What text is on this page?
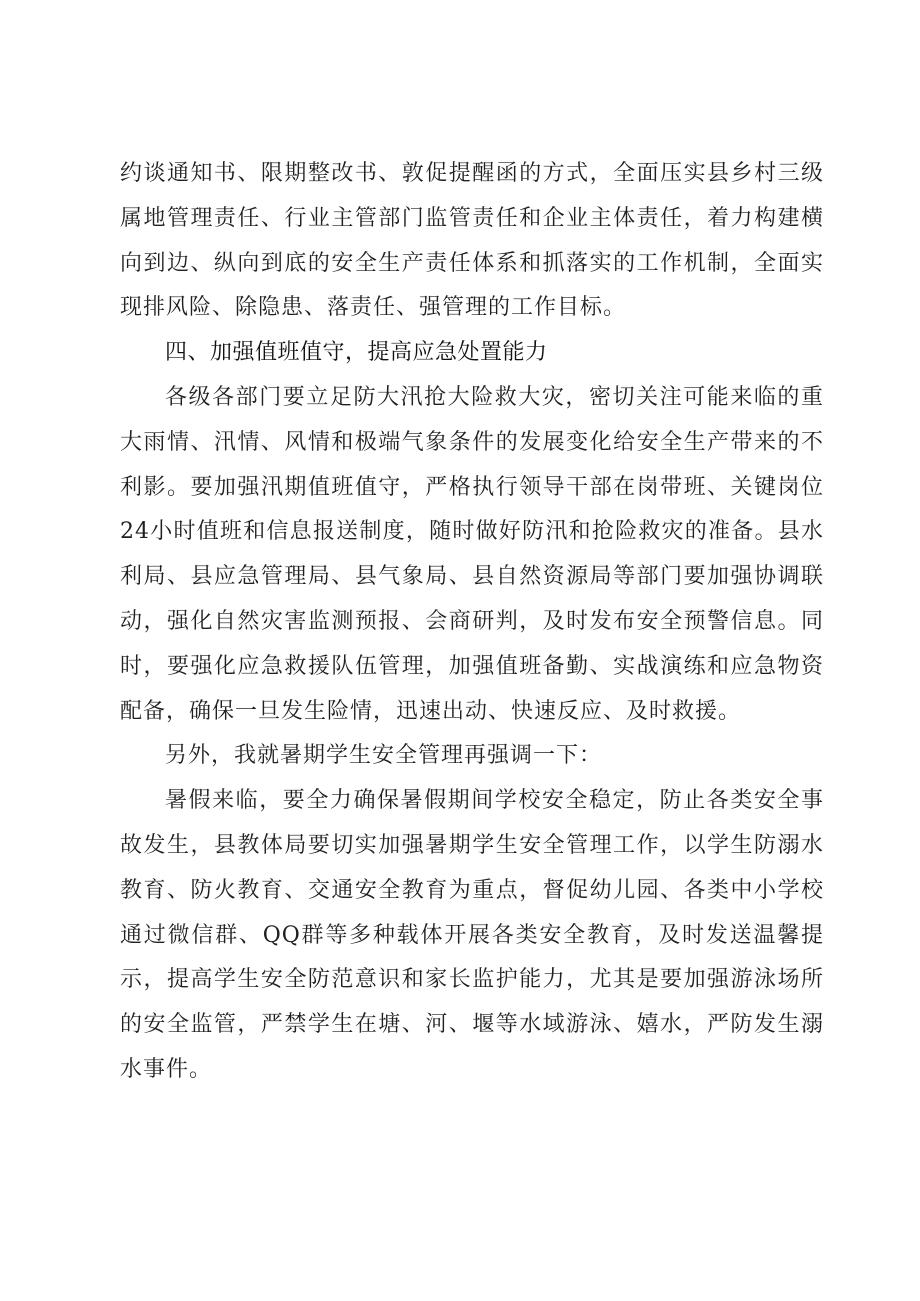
约谈通知书、限期整改书、敦促提醒函的方式，全面压实县乡村三级属地管理责任、行业主管部门监管责任和企业主体责任，着力构建横向到边、纵向到底的安全生产责任体系和抓落实的工作机制，全面实现排风险、除隐患、落责任、强管理的工作目标。

四、加强值班值守，提高应急处置能力

各级各部门要立足防大汛抢大险救大灾，密切关注可能来临的重大雨情、汛情、风情和极端气象条件的发展变化给安全生产带来的不利影。要加强汛期值班值守，严格执行领导干部在岗带班、关键岗位24小时值班和信息报送制度，随时做好防汛和抢险救灾的准备。县水利局、县应急管理局、县气象局、县自然资源局等部门要加强协调联动，强化自然灾害监测预报、会商研判，及时发布安全预警信息。同时，要强化应急救援队伍管理，加强值班备勤、实战演练和应急物资配备，确保一旦发生险情，迅速出动、快速反应、及时救援。

另外，我就暑期学生安全管理再强调一下：

暑假来临，要全力确保暑假期间学校安全稳定，防止各类安全事故发生，县教体局要切实加强暑期学生安全管理工作，以学生防溺水教育、防火教育、交通安全教育为重点，督促幼儿园、各类中小学校通过微信群、QQ群等多种载体开展各类安全教育，及时发送温馨提示，提高学生安全防范意识和家长监护能力，尤其是要加强游泳场所的安全监管，严禁学生在塘、河、堰等水域游泳、嬉水，严防发生溺水事件。
